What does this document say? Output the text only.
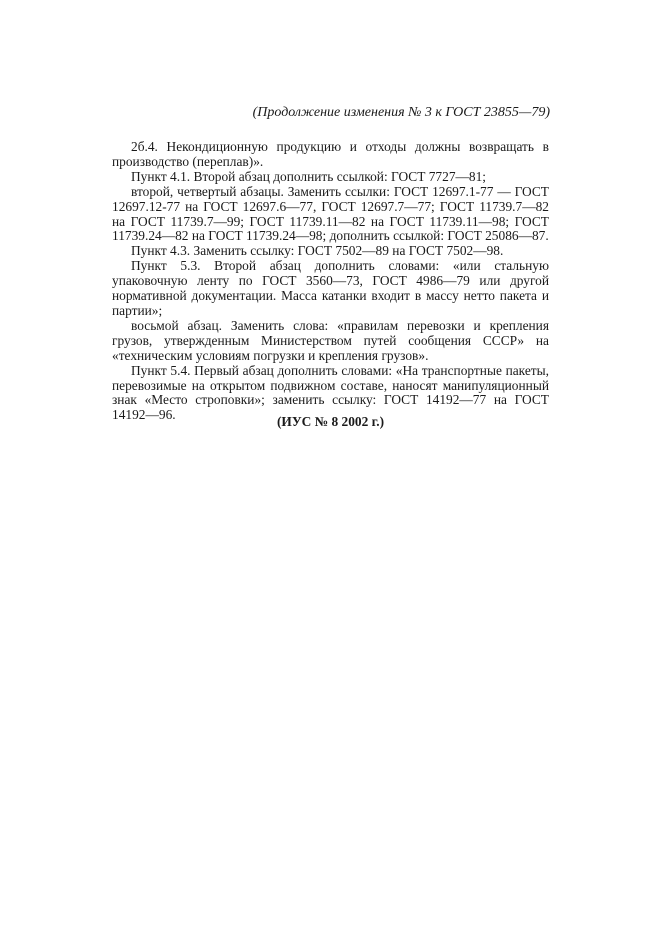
(Продолжение изменения № 3 к ГОСТ 23855—79)

2б.4. Некондиционную продукцию и отходы должны возвращать в производство (переплав)».

Пункт 4.1. Второй абзац дополнить ссылкой: ГОСТ 7727—81;

второй, четвертый абзацы. Заменить ссылки: ГОСТ 12697.1-77 — ГОСТ 12697.12-77 на ГОСТ 12697.6—77, ГОСТ 12697.7—77; ГОСТ 11739.7—82 на ГОСТ 11739.7—99; ГОСТ 11739.11—82 на ГОСТ 11739.11—98; ГОСТ 11739.24—82 на ГОСТ 11739.24—98; дополнить ссылкой: ГОСТ 25086—87.

Пункт 4.3. Заменить ссылку: ГОСТ 7502—89 на ГОСТ 7502—98.

Пункт 5.3. Второй абзац дополнить словами: «или стальную упаковочную ленту по ГОСТ 3560—73, ГОСТ 4986—79 или другой нормативной документации. Масса катанки входит в массу нетто пакета и партии»;

восьмой абзац. Заменить слова: «правилам перевозки и крепления грузов, утвержденным Министерством путей сообщения СССР» на «техническим условиям погрузки и крепления грузов».

Пункт 5.4. Первый абзац дополнить словами: «На транспортные пакеты, перевозимые на открытом подвижном составе, наносят манипуляционный знак «Место строповки»; заменить ссылку: ГОСТ 14192—77 на ГОСТ 14192—96.	(ИУС № 8 2002 г.)
